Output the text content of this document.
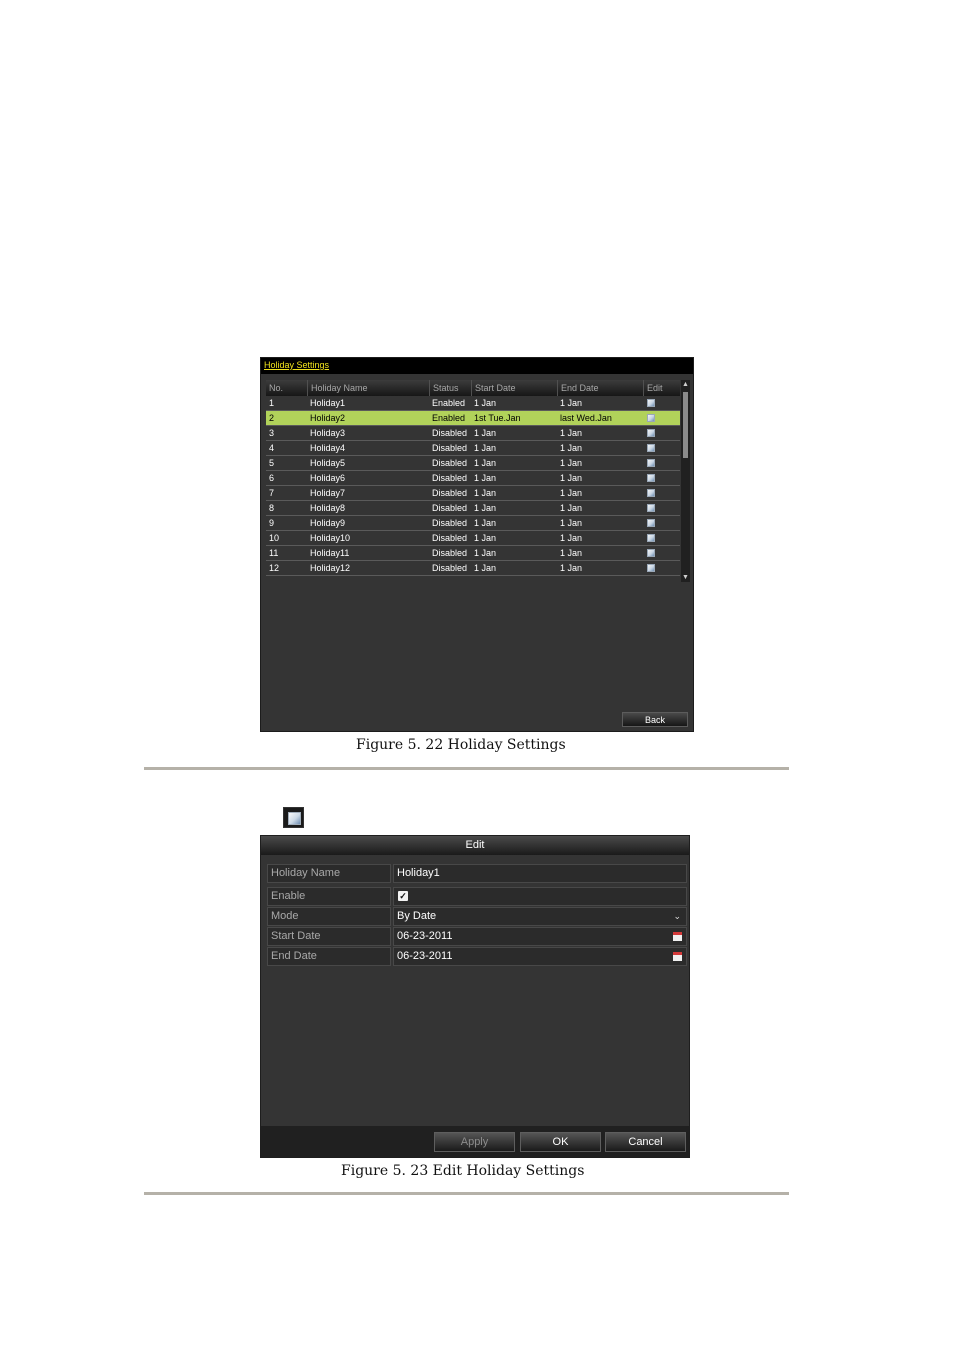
Holiday Settings
No.	Holiday Name	Status	Start Date	End Date	Edit
1	Holiday1	Enabled 1 Jan	1 Jan
2	Holiday2	Enabled 1st Tue.Jan	last Wed.Jan
3	Holiday3	Disabled 1 Jan	1 Jan
4	Holiday4	Disabled 1 Jan	1 Jan
5	Holiday5	Disabled 1 Jan	1 Jan
6	Holiday6	Disabled 1 Jan	1 Jan
7	Holiday7	Disabled 1 Jan	1 Jan
8	Holiday8	Disabled 1 Jan	1 Jan
9	Holiday9	Disabled 1 Jan	1 Jan
10	Holiday10	Disabled 1 Jan	1 Jan
11	Holiday11	Disabled 1 Jan	1 Jan
12	Holiday12	Disabled 1 Jan	1 Jan
▲
▼
Back
Figure 5. 22 Holiday Settings
Edit
Holiday Name	Holiday1
Enable	✓
Mode	By Date	⌄
Start Date	06-23-2011
End Date	06-23-2011
Apply	OK	Cancel
Figure 5. 23 Edit Holiday Settings
